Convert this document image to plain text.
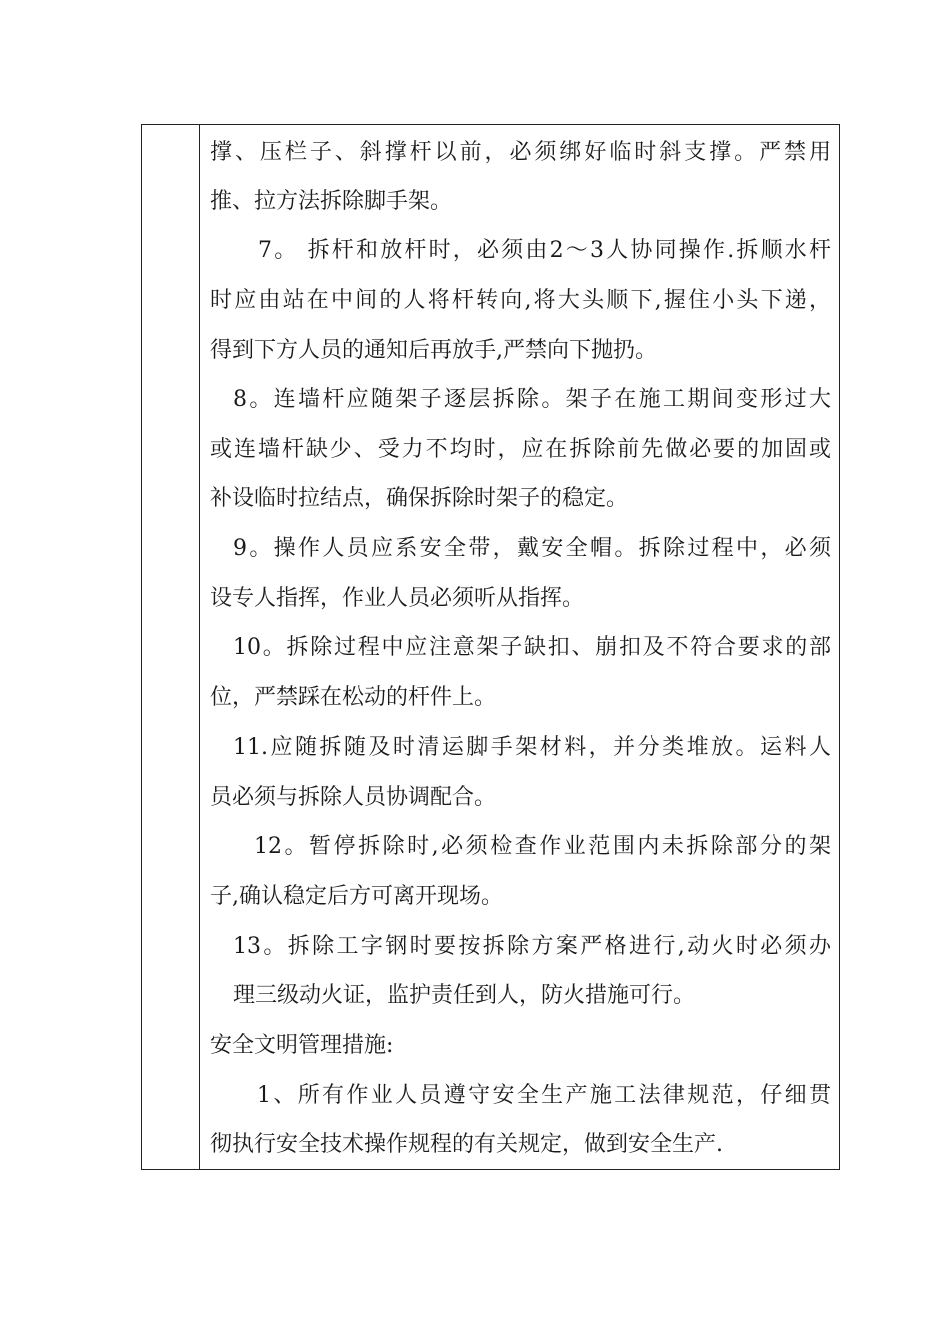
撑、压栏子、斜撑杆以前，必须绑好临时斜支撑。严禁用
推、拉方法拆除脚手架。
7。 拆杆和放杆时，必须由2～3人协同操作.拆顺水杆
时应由站在中间的人将杆转向,将大头顺下,握住小头下递，
得到下方人员的通知后再放手,严禁向下抛扔。
8。连墙杆应随架子逐层拆除。架子在施工期间变形过大
或连墙杆缺少、受力不均时，应在拆除前先做必要的加固或
补设临时拉结点，确保拆除时架子的稳定。
9。操作人员应系安全带，戴安全帽。拆除过程中，必须
设专人指挥，作业人员必须听从指挥。
10。拆除过程中应注意架子缺扣、崩扣及不符合要求的部
位，严禁踩在松动的杆件上。
11.应随拆随及时清运脚手架材料，并分类堆放。运料人
员必须与拆除人员协调配合。
12。暂停拆除时,必须检查作业范围内未拆除部分的架
子,确认稳定后方可离开现场。
13。拆除工字钢时要按拆除方案严格进行,动火时必须办
理三级动火证，监护责任到人，防火措施可行。
安全文明管理措施:
1、所有作业人员遵守安全生产施工法律规范，仔细贯
彻执行安全技术操作规程的有关规定，做到安全生产.
